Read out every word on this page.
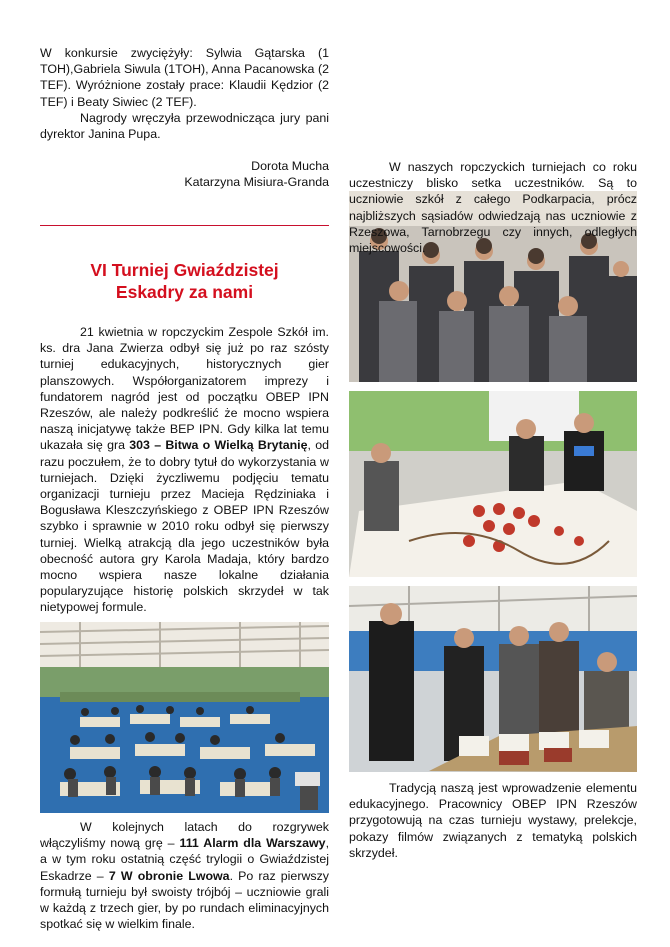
W konkursie zwyciężyły: Sylwia Gątarska (1 TOH),Gabriela Siwula (1TOH), Anna Pacanowska (2 TEF). Wyróżnione zostały prace: Klaudii Kędzior (2 TEF) i Beaty Siwiec (2 TEF).

Nagrody wręczyła przewodnicząca jury pani dyrektor Janina Pupa.

Dorota Mucha

Katarzyna Misiura-Granda

VI Turniej Gwiaździstej
Eskadry za nami

21 kwietnia w ropczyckim Zespole Szkół im. ks. dra Jana Zwierza odbył się już po raz szósty turniej edukacyjnych, historycznych gier planszowych. Współorganizatorem imprezy i fundatorem nagród jest od początku OBEP IPN Rzeszów, ale należy podkreślić że mocno wspiera naszą inicjatywę także BEP IPN. Gdy kilka lat temu ukazała się gra 303 – Bitwa o Wielką Brytanię, od razu poczułem, że to dobry tytuł do wykorzystania w turniejach. Dzięki życzliwemu podjęciu tematu organizacji turnieju przez Macieja Rędziniaka i Bogusława Kleszczyńskiego z OBEP IPN Rzeszów szybko i sprawnie w 2010 roku odbył się pierwszy turniej. Wielką atrakcją dla jego uczestników była obecność autora gry Karola Madaja, który bardzo mocno wspiera nasze lokalne działania popularyzujące historię polskich skrzydeł w tak nietypowej formule.

W kolejnych latach do rozgrywek włączyliśmy nową grę – 111 Alarm dla Warszawy, a w tym roku ostatnią część trylogii o Gwiaździstej Eskadrze – 7 W obronie Lwowa. Po raz pierwszy formułą turnieju był swoisty trójbój – uczniowie grali w każdą z trzech gier, by po rundach eliminacyjnych spotkać się w wielkim finale.

W naszych ropczyckich turniejach co roku uczestniczy blisko setka uczestników. Są to uczniowie szkół z całego Podkarpacia, prócz najbliższych sąsiadów odwiedzają nas uczniowie z Rzeszowa, Tarnobrzegu czy innych, odległych miejscowości.

Tradycją naszą jest wprowadzenie elementu edukacyjnego. Pracownicy OBEP IPN Rzeszów przygotowują na czas turnieju wystawy, prelekcje, pokazy filmów związanych z tematyką polskich skrzydeł.
